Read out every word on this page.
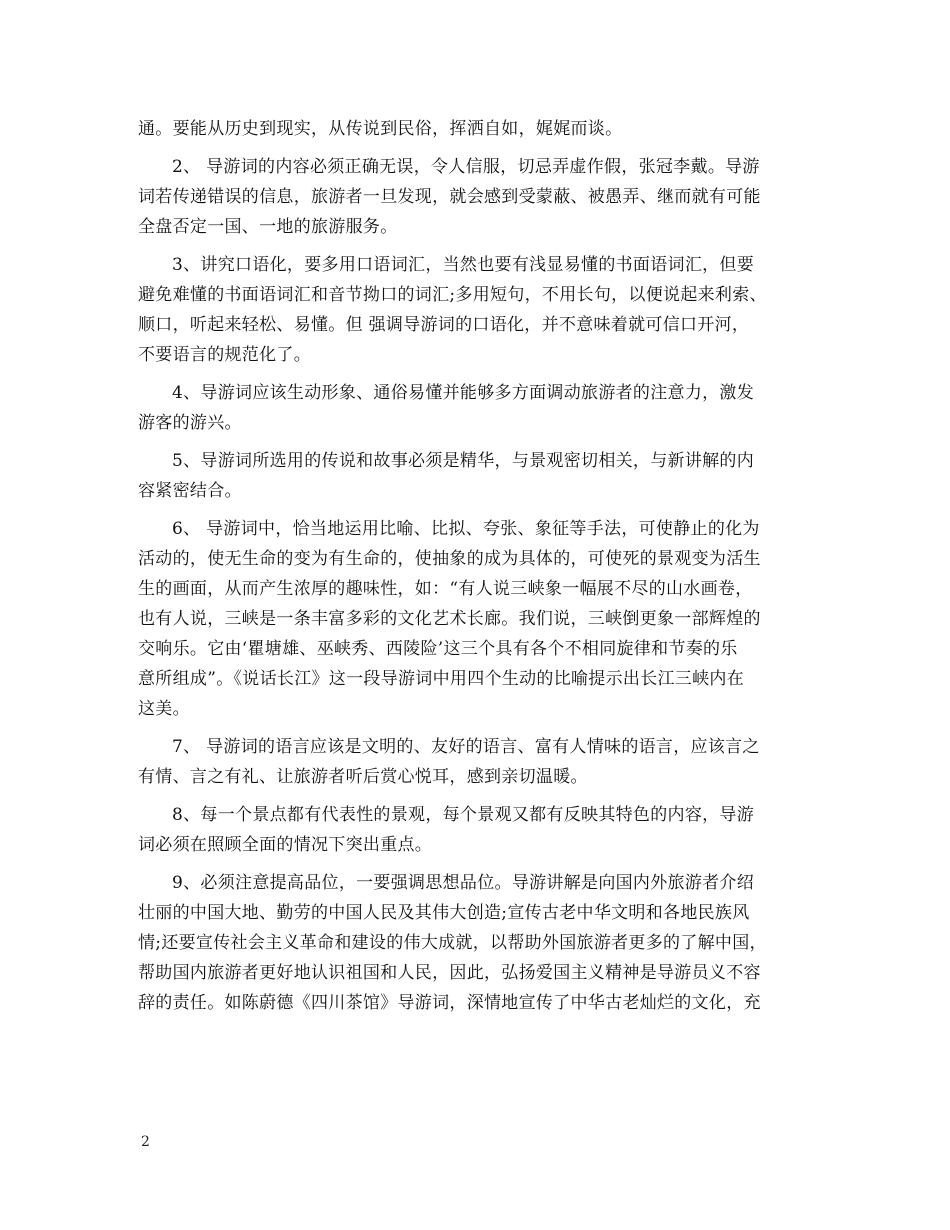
通。要能从历史到现实，从传说到民俗，挥洒自如，娓娓而谈。

2、 导游词的内容必须正确无误，令人信服，切忌弄虚作假，张冠李戴。导游
词若传递错误的信息，旅游者一旦发现，就会感到受蒙蔽、被愚弄、继而就有可能
全盘否定一国、一地的旅游服务。

3、讲究口语化，要多用口语词汇，当然也要有浅显易懂的书面语词汇，但要
避免难懂的书面语词汇和音节拗口的词汇;多用短句，不用长句，以便说起来利索、
顺口，听起来轻松、易懂。但 强调导游词的口语化，并不意味着就可信口开河，
不要语言的规范化了。

4、导游词应该生动形象、通俗易懂并能够多方面调动旅游者的注意力，激发
游客的游兴。

5、导游词所选用的传说和故事必须是精华，与景观密切相关，与新讲解的内
容紧密结合。

6、 导游词中，恰当地运用比喻、比拟、夸张、象征等手法，可使静止的化为
活动的，使无生命的变为有生命的，使抽象的成为具体的，可使死的景观变为活生
生的画面，从而产生浓厚的趣味性，如：“有人说三峡象一幅展不尽的山水画卷，
也有人说，三峡是一条丰富多彩的文化艺术长廊。我们说，三峡倒更象一部辉煌的
交响乐。它由‘瞿塘雄、巫峡秀、西陵险’这三个具有各个不相同旋律和节奏的乐
意所组成”。《说话长江》这一段导游词中用四个生动的比喻提示出长江三峡内在
这美。

7、 导游词的语言应该是文明的、友好的语言、富有人情味的语言，应该言之
有情、言之有礼、让旅游者听后赏心悦耳，感到亲切温暖。

8、每一个景点都有代表性的景观，每个景观又都有反映其特色的内容，导游
词必须在照顾全面的情况下突出重点。

9、必须注意提高品位，一要强调思想品位。导游讲解是向国内外旅游者介绍
壮丽的中国大地、勤劳的中国人民及其伟大创造;宣传古老中华文明和各地民族风
情;还要宣传社会主义革命和建设的伟大成就，以帮助外国旅游者更多的了解中国，
帮助国内旅游者更好地认识祖国和人民，因此，弘扬爱国主义精神是导游员义不容
辞的责任。如陈蔚德《四川茶馆》导游词，深情地宣传了中华古老灿烂的文化，充

2
